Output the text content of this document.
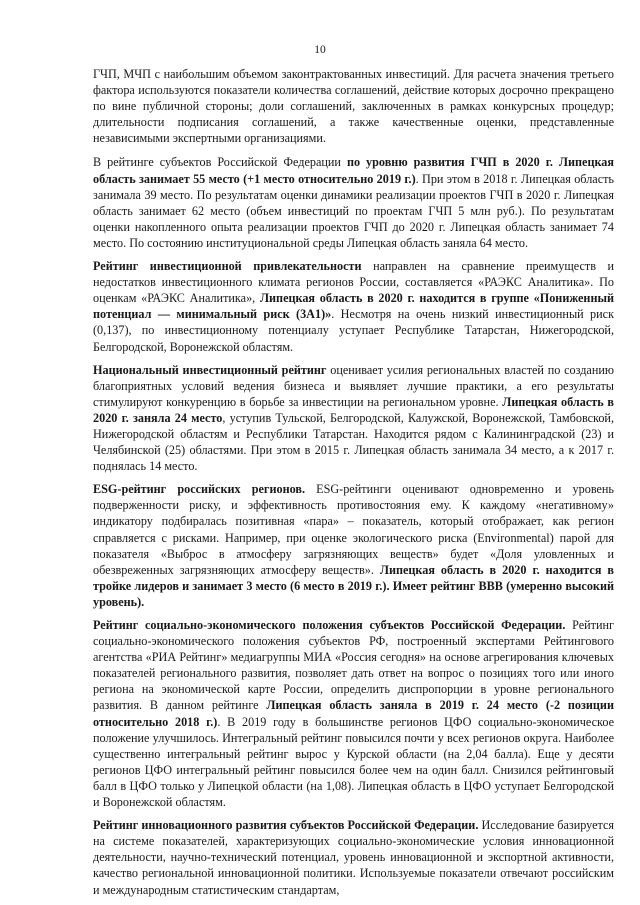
10

ГЧП, МЧП с наибольшим объемом законтрактованных инвестиций. Для расчета значения третьего фактора используются показатели количества соглашений, действие которых досрочно прекращено по вине публичной стороны; доли соглашений, заключенных в рамках конкурсных процедур; длительности подписания соглашений, а также качественные оценки, представленные независимыми экспертными организациями.

В рейтинге субъектов Российской Федерации по уровню развития ГЧП в 2020 г. Липецкая область занимает 55 место (+1 место относительно 2019 г.). При этом в 2018 г. Липецкая область занимала 39 место. По результатам оценки динамики реализации проектов ГЧП в 2020 г. Липецкая область занимает 62 место (объем инвестиций по проектам ГЧП 5 млн руб.). По результатам оценки накопленного опыта реализации проектов ГЧП до 2020 г. Липецкая область занимает 74 место. По состоянию институциональной среды Липецкая область заняла 64 место.

Рейтинг инвестиционной привлекательности направлен на сравнение преимуществ и недостатков инвестиционного климата регионов России, составляется «РАЭКС Аналитика». По оценкам «РАЭКС Аналитика», Липецкая область в 2020 г. находится в группе «Пониженный потенциал — минимальный риск (3А1)». Несмотря на очень низкий инвестиционный риск (0,137), по инвестиционному потенциалу уступает Республике Татарстан, Нижегородской, Белгородской, Воронежской областям.

Национальный инвестиционный рейтинг оценивает усилия региональных властей по созданию благоприятных условий ведения бизнеса и выявляет лучшие практики, а его результаты стимулируют конкуренцию в борьбе за инвестиции на региональном уровне. Липецкая область в 2020 г. заняла 24 место, уступив Тульской, Белгородской, Калужской, Воронежской, Тамбовской, Нижегородской областям и Республики Татарстан. Находится рядом с Калининградской (23) и Челябинской (25) областями. При этом в 2015 г. Липецкая область занимала 34 место, а к 2017 г. поднялась 14 место.

ESG-рейтинг российских регионов. ESG-рейтинги оценивают одновременно и уровень подверженности риску, и эффективность противостояния ему. К каждому «негативному» индикатору подбиралась позитивная «пара» – показатель, который отображает, как регион справляется с рисками. Например, при оценке экологического риска (Environmental) парой для показателя «Выброс в атмосферу загрязняющих веществ» будет «Доля уловленных и обезвреженных загрязняющих атмосферу веществ». Липецкая область в 2020 г. находится в тройке лидеров и занимает 3 место (6 место в 2019 г.). Имеет рейтинг ВВВ (умеренно высокий уровень).

Рейтинг социально-экономического положения субъектов Российской Федерации. Рейтинг социально-экономического положения субъектов РФ, построенный экспертами Рейтингового агентства «РИА Рейтинг» медиагруппы МИА «Россия сегодня» на основе агрегирования ключевых показателей регионального развития, позволяет дать ответ на вопрос о позициях того или иного региона на экономической карте России, определить диспропорции в уровне регионального развития. В данном рейтинге Липецкая область заняла в 2019 г. 24 место (-2 позиции относительно 2018 г.). В 2019 году в большинстве регионов ЦФО социально-экономическое положение улучшилось. Интегральный рейтинг повысился почти у всех регионов округа. Наиболее существенно интегральный рейтинг вырос у Курской области (на 2,04 балла). Еще у десяти регионов ЦФО интегральный рейтинг повысился более чем на один балл. Снизился рейтинговый балл в ЦФО только у Липецкой области (на 1,08). Липецкая область в ЦФО уступает Белгородской и Воронежской областям.

Рейтинг инновационного развития субъектов Российской Федерации. Исследование базируется на системе показателей, характеризующих социально-экономические условия инновационной деятельности, научно-технический потенциал, уровень инновационной и экспортной активности, качество региональной инновационной политики. Используемые показатели отвечают российским и международным статистическим стандартам,
